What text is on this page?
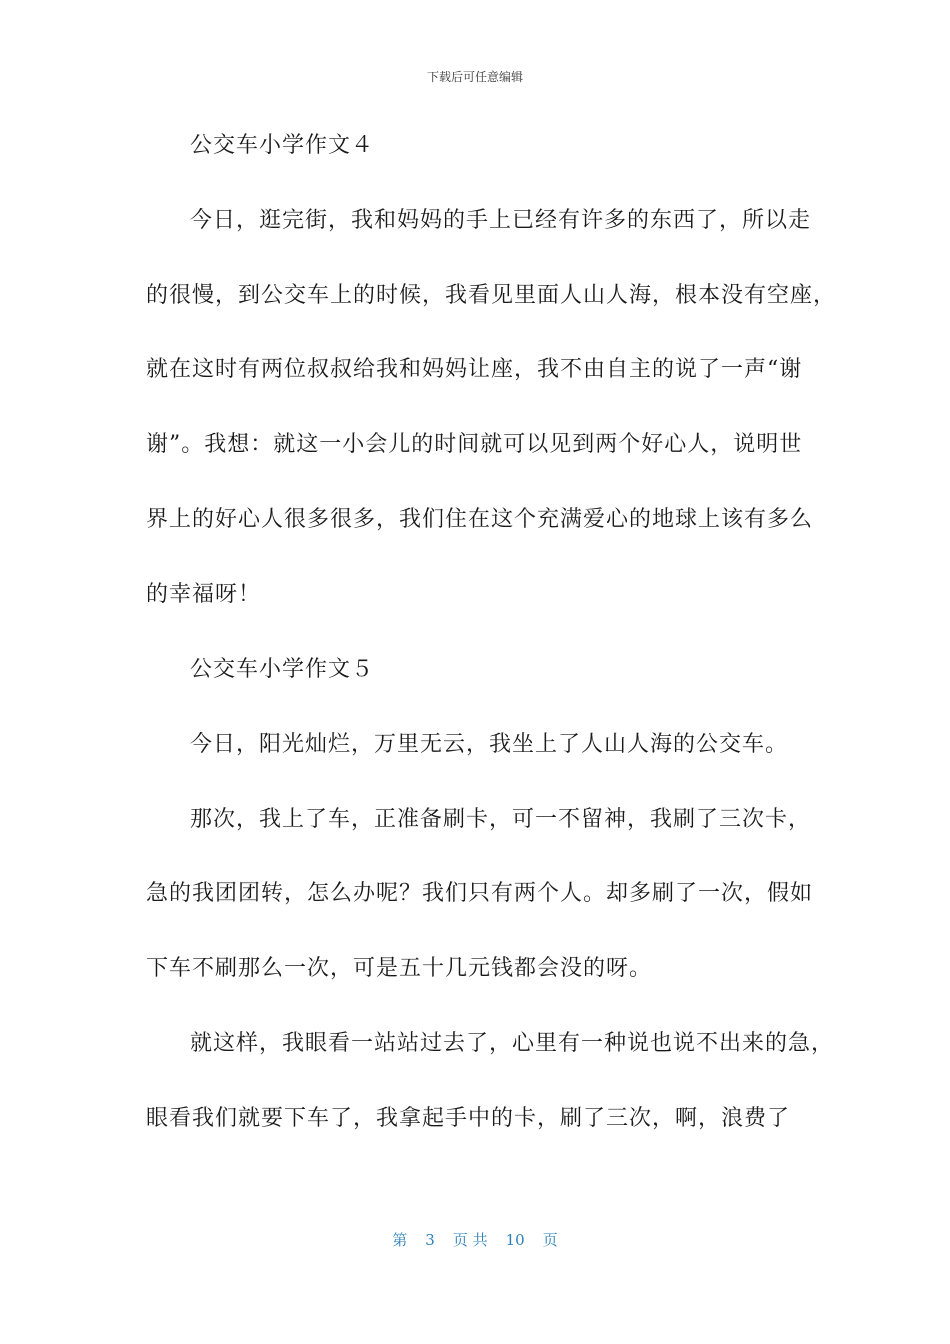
下载后可任意编辑
公交车小学作文４
今日，逛完街，我和妈妈的手上已经有许多的东西了，所以走
的很慢，到公交车上的时候，我看见里面人山人海，根本没有空座，
就在这时有两位叔叔给我和妈妈让座，我不由自主的说了一声“谢
谢”。我想：就这一小会儿的时间就可以见到两个好心人，说明世
界上的好心人很多很多，我们住在这个充满爱心的地球上该有多么
的幸福呀！
公交车小学作文５
今日，阳光灿烂，万里无云，我坐上了人山人海的公交车。
那次，我上了车，正准备刷卡，可一不留神，我刷了三次卡，
急的我团团转，怎么办呢？我们只有两个人。却多刷了一次，假如
下车不刷那么一次，可是五十几元钱都会没的呀。
就这样，我眼看一站站过去了，心里有一种说也说不出来的急，
眼看我们就要下车了，我拿起手中的卡，刷了三次，啊，浪费了
第 3 页 共 10 页
